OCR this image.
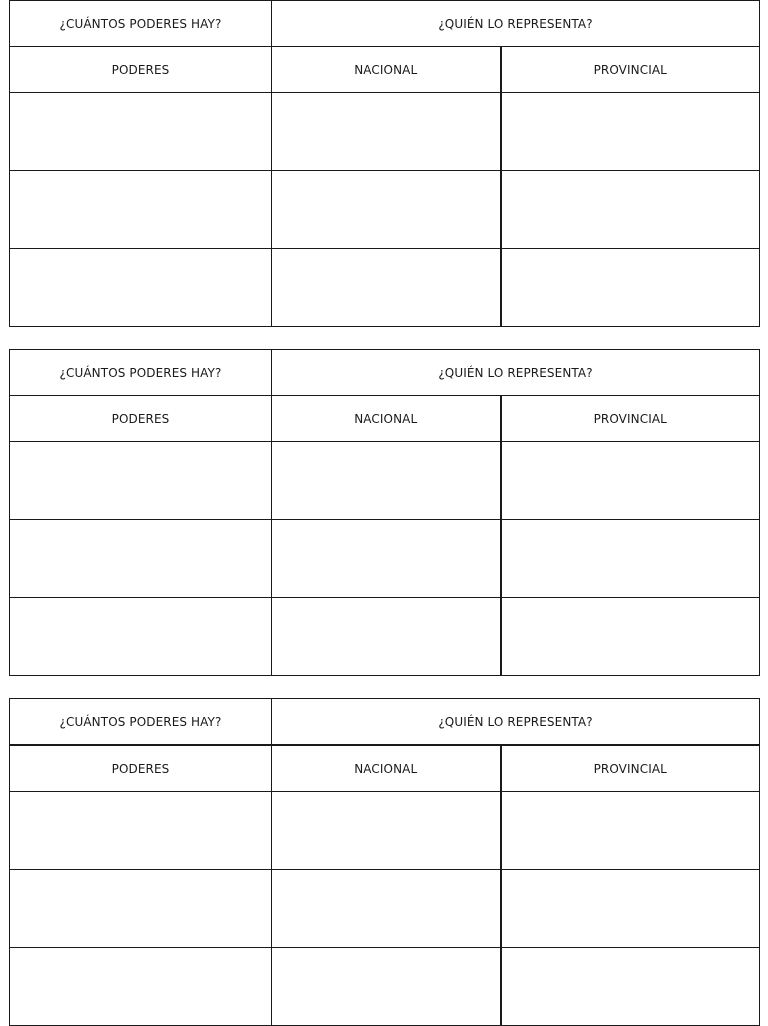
¿CUÁNTOS PODERES HAY?	¿QUIÉN LO REPRESENTA?	
PODERES	NACIONAL	PROVINCIAL

¿CUÁNTOS PODERES HAY?	¿QUIÉN LO REPRESENTA?	
PODERES	NACIONAL	PROVINCIAL

¿CUÁNTOS PODERES HAY?	¿QUIÉN LO REPRESENTA?	
PODERES	NACIONAL	PROVINCIAL
